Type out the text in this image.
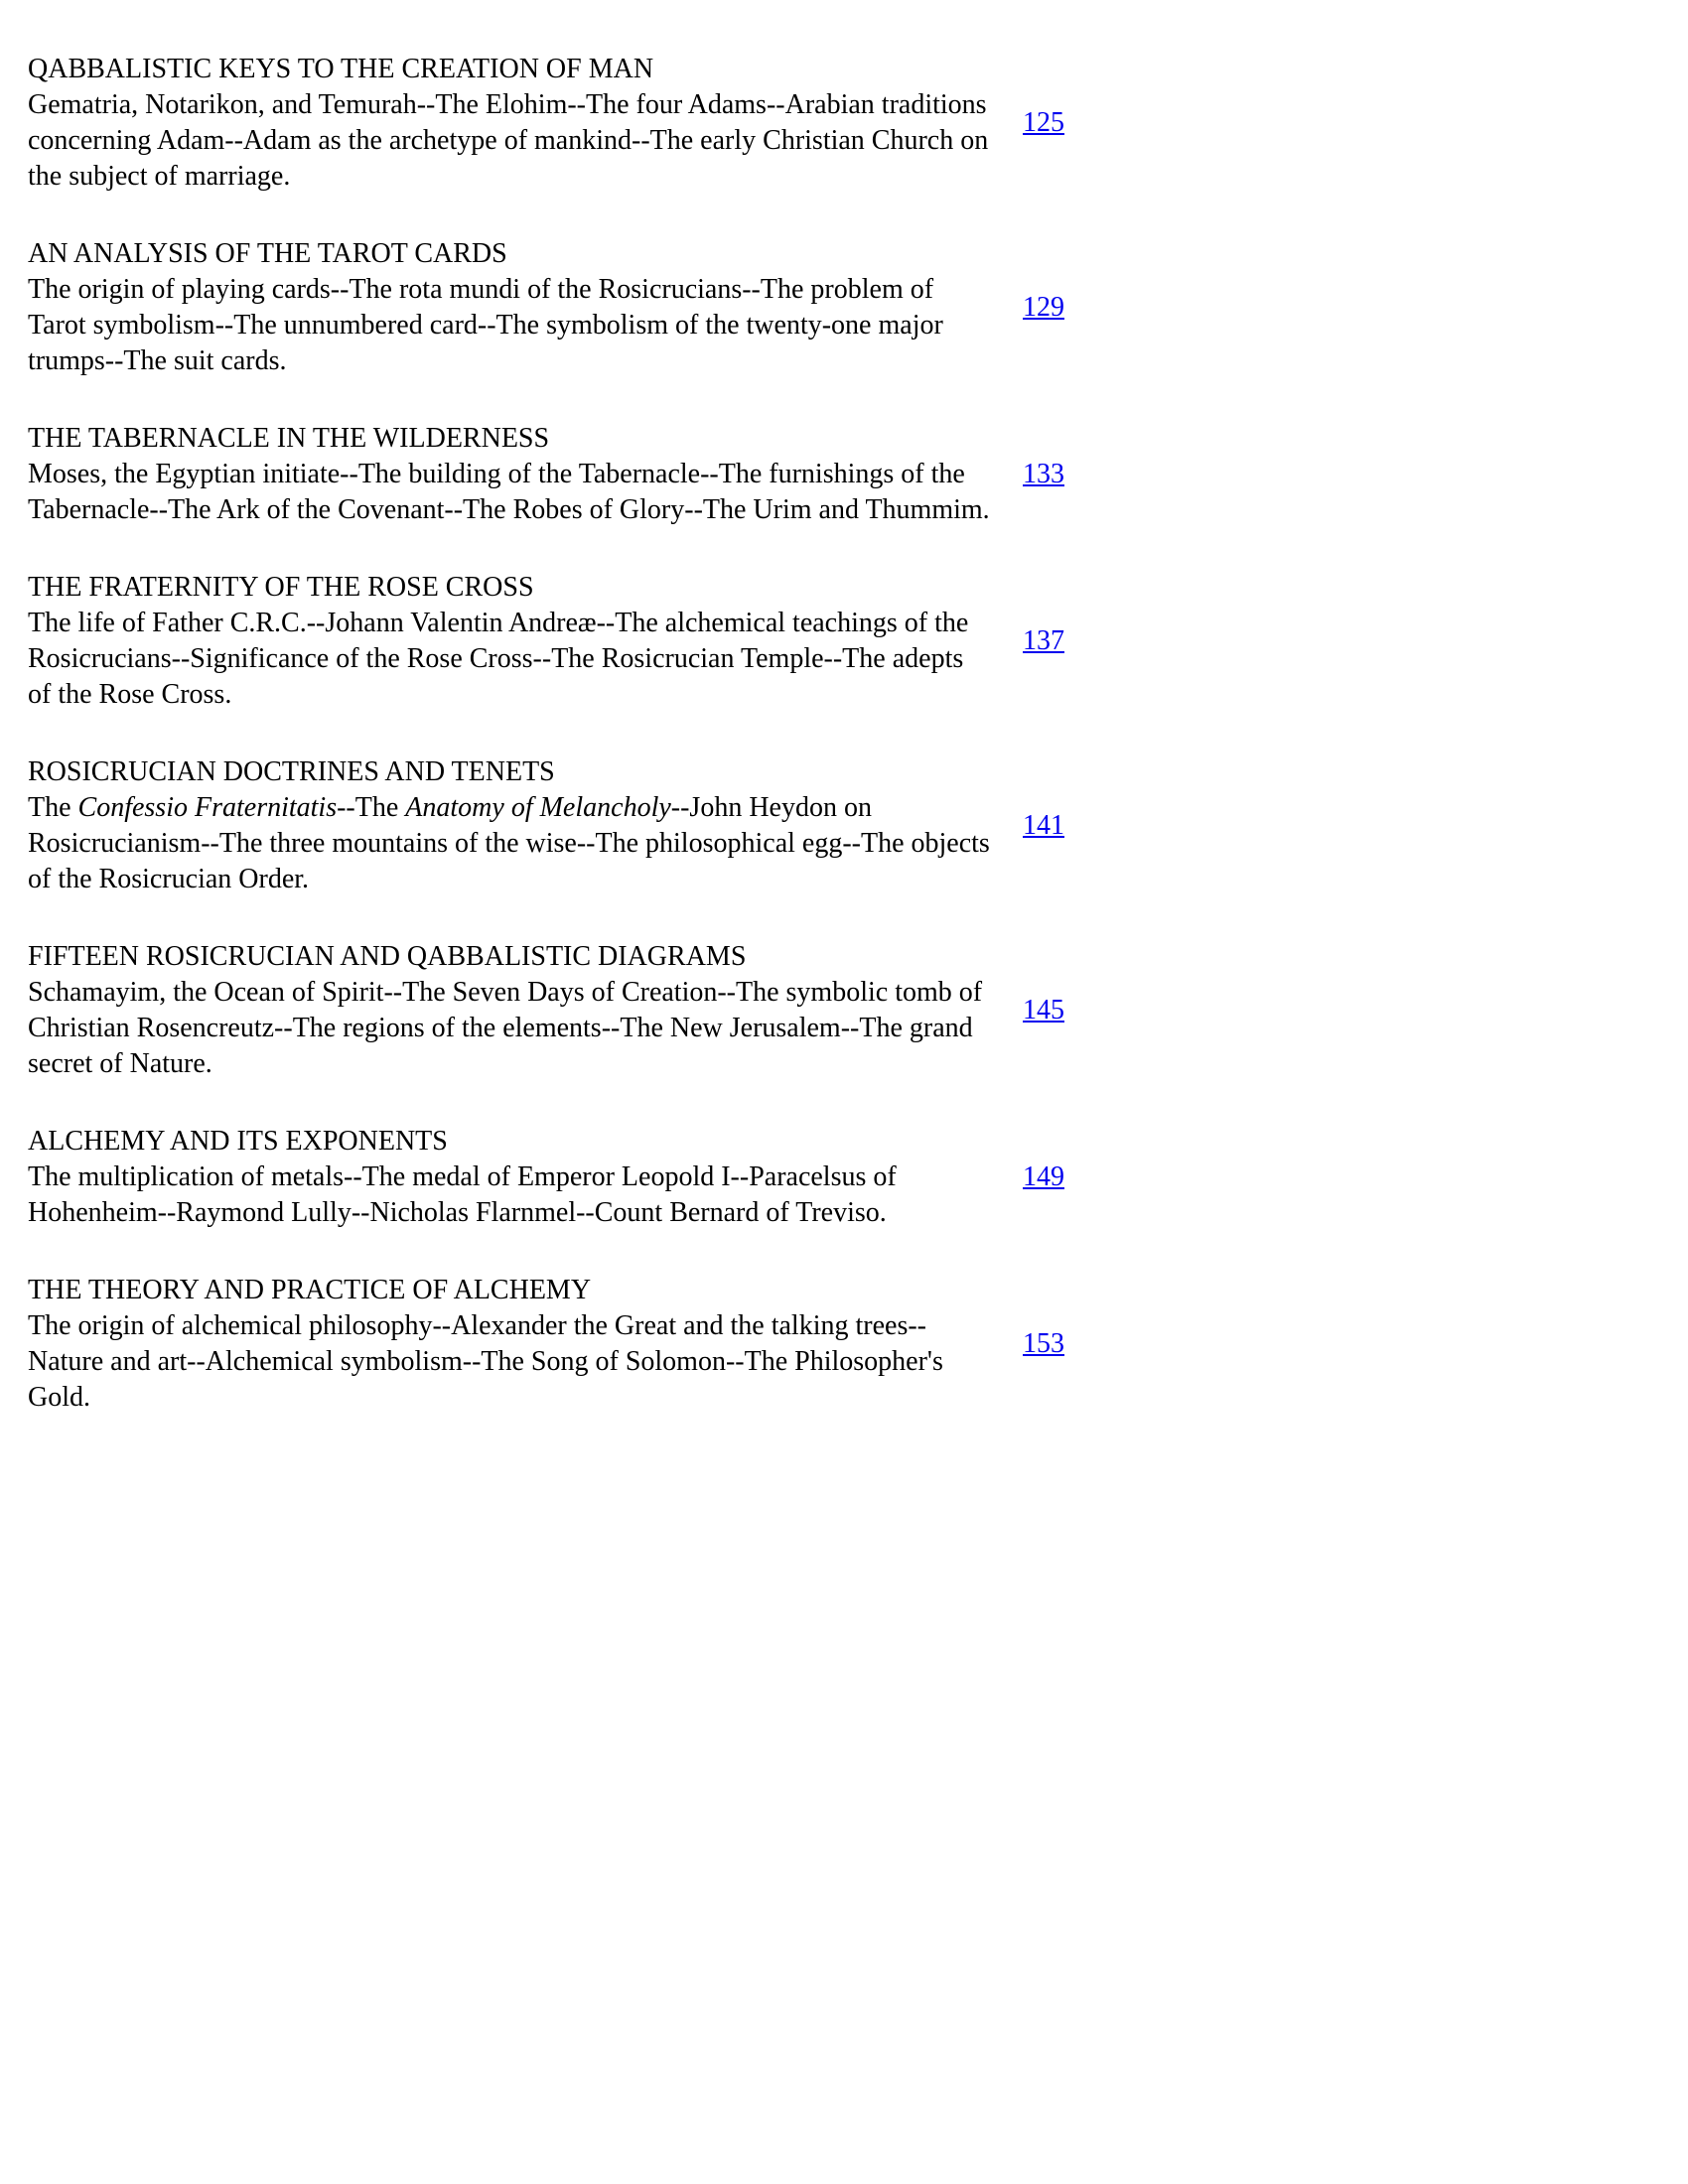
QABBALISTIC KEYS TO THE CREATION OF MAN
Gematria, Notarikon, and Temurah--The Elohim--The four Adams--Arabian traditions concerning Adam--Adam as the archetype of mankind--The early Christian Church on the subject of marriage.
125
AN ANALYSIS OF THE TAROT CARDS
The origin of playing cards--The rota mundi of the Rosicrucians--The problem of Tarot symbolism--The unnumbered card--The symbolism of the twenty-one major trumps--The suit cards.
129
THE TABERNACLE IN THE WILDERNESS
Moses, the Egyptian initiate--The building of the Tabernacle--The furnishings of the Tabernacle--The Ark of the Covenant--The Robes of Glory--The Urim and Thummim.
133
THE FRATERNITY OF THE ROSE CROSS
The life of Father C.R.C.--Johann Valentin Andreæ--The alchemical teachings of the Rosicrucians--Significance of the Rose Cross--The Rosicrucian Temple--The adepts of the Rose Cross.
137
ROSICRUCIAN DOCTRINES AND TENETS
The Confessio Fraternitatis--The Anatomy of Melancholy--John Heydon on Rosicrucianism--The three mountains of the wise--The philosophical egg--The objects of the Rosicrucian Order.
141
FIFTEEN ROSICRUCIAN AND QABBALISTIC DIAGRAMS
Schamayim, the Ocean of Spirit--The Seven Days of Creation--The symbolic tomb of Christian Rosencreutz--The regions of the elements--The New Jerusalem--The grand secret of Nature.
145
ALCHEMY AND ITS EXPONENTS
The multiplication of metals--The medal of Emperor Leopold I--Paracelsus of Hohenheim--Raymond Lully--Nicholas Flarnmel--Count Bernard of Treviso.
149
THE THEORY AND PRACTICE OF ALCHEMY
The origin of alchemical philosophy--Alexander the Great and the talking trees--Nature and art--Alchemical symbolism--The Song of Solomon--The Philosopher's Gold.
153
